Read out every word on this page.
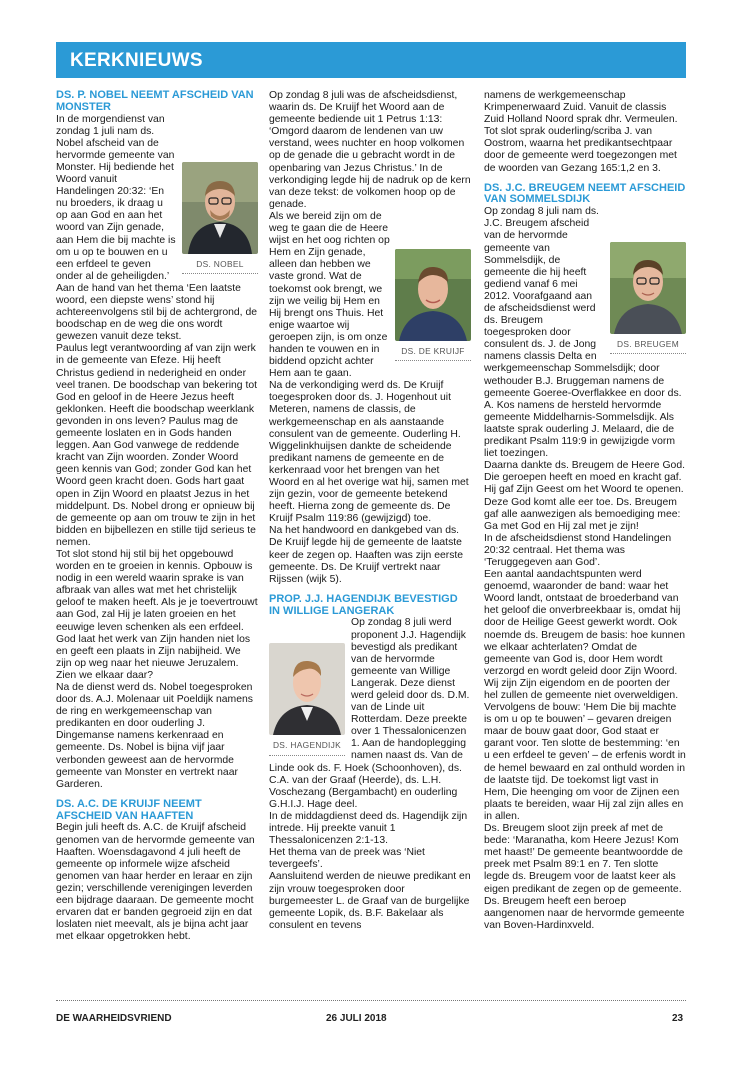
KERKNIEUWS

DS. P. NOBEL NEEMT AFSCHEID VAN MONSTER

DS. NOBEL

In de morgendienst van zondag 1 juli nam ds. Nobel afscheid van de hervormde gemeente van Monster. Hij bediende het Woord vanuit Handelingen 20:32: ‘En nu broeders, ik draag u op aan God en aan het woord van Zijn genade, aan Hem die bij machte is om u op te bouwen en u een erfdeel te geven onder al de geheiligden.’ Aan de hand van het thema ‘Een laatste woord, een diepste wens’ stond hij achtereenvolgens stil bij de achtergrond, de boodschap en de weg die ons wordt gewezen vanuit deze tekst.

Paulus legt verantwoording af van zijn werk in de gemeente van Efeze. Hij heeft Christus gediend in nederigheid en onder veel tranen. De boodschap van bekering tot God en geloof in de Heere Jezus heeft geklonken. Heeft die boodschap weerklank gevonden in ons leven? Paulus mag de gemeente loslaten en in Gods handen leggen. Aan God vanwege de reddende kracht van Zijn woorden. Zonder Woord geen kennis van God; zonder God kan het Woord geen kracht doen. Gods hart gaat open in Zijn Woord en plaatst Jezus in het middelpunt. Ds. Nobel drong er opnieuw bij de gemeente op aan om trouw te zijn in het bidden en bijbellezen en stille tijd serieus te nemen.

Tot slot stond hij stil bij het opgebouwd worden en te groeien in kennis. Opbouw is nodig in een wereld waarin sprake is van afbraak van alles wat met het christelijk geloof te maken heeft. Als je je toevertrouwt aan God, zal Hij je laten groeien en het eeuwige leven schenken als een erfdeel. God laat het werk van Zijn handen niet los en geeft een plaats in Zijn nabijheid. We zijn op weg naar het nieuwe Jeruzalem. Zien we elkaar daar?

Na de dienst werd ds. Nobel toegesproken door ds. A.J. Molenaar uit Poeldijk namens de ring en werkgemeenschap van predikanten en door ouderling J. Dingemanse namens kerkenraad en gemeente. Ds. Nobel is bijna vijf jaar verbonden geweest aan de hervormde gemeente van Monster en vertrekt naar Garderen.

DS. A.C. DE KRUIJF NEEMT AFSCHEID VAN HAAFTEN

Begin juli heeft ds. A.C. de Kruijf afscheid genomen van de hervormde gemeente van Haaften. Woensdagavond 4 juli heeft de gemeente op informele wijze afscheid genomen van haar herder en leraar en zijn gezin; verschillende verenigingen leverden een bijdrage daaraan. De gemeente mocht ervaren dat er banden gegroeid zijn en dat loslaten niet meevalt, als je bijna acht jaar met elkaar opgetrokken hebt.

Op zondag 8 juli was de afscheidsdienst, waarin ds. De Kruijf het Woord aan de gemeente bediende uit 1 Petrus 1:13: ‘Omgord daarom de lendenen van uw verstand, wees nuchter en hoop volkomen op de genade die u gebracht wordt in de openbaring van Jezus Christus.’ In de verkondiging legde hij de nadruk op de kern van deze tekst: de volkomen hoop op de genade.

DS. DE KRUIJF

Als we bereid zijn om de weg te gaan die de Heere wijst en het oog richten op Hem en Zijn genade, alleen dan hebben we vaste grond. Wat de toekomst ook brengt, we zijn we veilig bij Hem en Hij brengt ons Thuis. Het enige waartoe wij geroepen zijn, is om onze handen te vouwen en in biddend opzicht achter Hem aan te gaan.

Na de verkondiging werd ds. De Kruijf toegesproken door ds. J. Hogenhout uit Meteren, namens de classis, de werkgemeenschap en als aanstaande consulent van de gemeente. Ouderling H. Wiggelinkhuijsen dankte de scheidende predikant namens de gemeente en de kerkenraad voor het brengen van het Woord en al het overige wat hij, samen met zijn gezin, voor de gemeente betekend heeft. Hierna zong de gemeente ds. De Kruijf Psalm 119:86 (gewijzigd) toe.

Na het handwoord en dankgebed van ds. De Kruijf legde hij de gemeente de laatste keer de zegen op. Haaften was zijn eerste gemeente. Ds. De Kruijf vertrekt naar Rijssen (wijk 5).

PROP. J.J. HAGENDIJK BEVESTIGD IN WILLIGE LANGERAK

DS. HAGENDIJK

Op zondag 8 juli werd proponent J.J. Hagendijk bevestigd als predikant van de hervormde gemeente van Willige Langerak. Deze dienst werd geleid door ds. D.M. van de Linde uit Rotterdam. Deze preekte over 1 Thessalonicenzen 1. Aan de handoplegging namen naast ds. Van de Linde ook ds. F. Hoek (Schoonhoven), ds. C.A. van der Graaf (Heerde), ds. L.H. Voschezang (Bergambacht) en ouderling G.H.I.J. Hage deel.

In de middagdienst deed ds. Hagendijk zijn intrede. Hij preekte vanuit 1 Thessalonicenzen 2:1-13.

Het thema van de preek was ‘Niet tevergeefs’.

Aansluitend werden de nieuwe predikant en zijn vrouw toegesproken door burgemeester L. de Graaf van de burgelijke gemeente Lopik, ds. B.F. Bakelaar als consulent en tevens

namens de werkgemeenschap Krimpenerwaard Zuid. Vanuit de classis Zuid Holland Noord sprak dhr. Vermeulen. Tot slot sprak ouderling/scriba J. van Oostrom, waarna het predikantsechtpaar door de gemeente werd toegezongen met de woorden van Gezang 165:1,2 en 3.

DS. J.C. BREUGEM NEEMT AFSCHEID VAN SOMMELSDIJK

DS. BREUGEM

Op zondag 8 juli nam ds. J.C. Breugem afscheid van de hervormde gemeente van Sommelsdijk, de gemeente die hij heeft gediend vanaf 6 mei 2012. Voorafgaand aan de afscheidsdienst werd ds. Breugem toegesproken door consulent ds. J. de Jong namens classis Delta en werkgemeenschap Sommelsdijk; door wethouder B.J. Bruggeman namens de gemeente Goeree-Overflakkee en door ds. A. Kos namens de hersteld hervormde gemeente Middelharnis-Sommelsdijk. Als laatste sprak ouderling J. Melaard, die de predikant Psalm 119:9 in gewijzigde vorm liet toezingen.

Daarna dankte ds. Breugem de Heere God. Die geroepen heeft en moed en kracht gaf. Hij gaf Zijn Geest om het Woord te openen. Deze God komt alle eer toe. Ds. Breugem gaf alle aanwezigen als bemoediging mee: Ga met God en Hij zal met je zijn!

In de afscheidsdienst stond Handelingen 20:32 centraal. Het thema was ‘Teruggegeven aan God’.

Een aantal aandachtspunten werd genoemd, waaronder de band: waar het Woord landt, ontstaat de broederband van het geloof die onverbreekbaar is, omdat hij door de Heilige Geest gewerkt wordt. Ook noemde ds. Breugem de basis: hoe kunnen we elkaar achterlaten? Omdat de gemeente van God is, door Hem wordt verzorgd en wordt geleid door Zijn Woord. Wij zijn Zijn eigendom en de poorten der hel zullen de gemeente niet overweldigen. Vervolgens de bouw: ‘Hem Die bij machte is om u op te bouwen’ – gevaren dreigen maar de bouw gaat door, God staat er garant voor. Ten slotte de bestemming: ‘en u een erfdeel te geven’ – de erfenis wordt in de hemel bewaard en zal onthuld worden in de laatste tijd. De toekomst ligt vast in Hem, Die heenging om voor de Zijnen een plaats te bereiden, waar Hij zal zijn alles en in allen.

Ds. Breugem sloot zijn preek af met de bede: ‘Maranatha, kom Heere Jezus! Kom met haast!’ De gemeente beantwoordde de preek met Psalm 89:1 en 7. Ten slotte legde ds. Breugem voor de laatst keer als eigen predikant de zegen op de gemeente. Ds. Breugem heeft een beroep aangenomen naar de hervormde gemeente van Boven-Hardinxveld.

DE WAARHEIDSVRIEND	26 JULI 2018	23
